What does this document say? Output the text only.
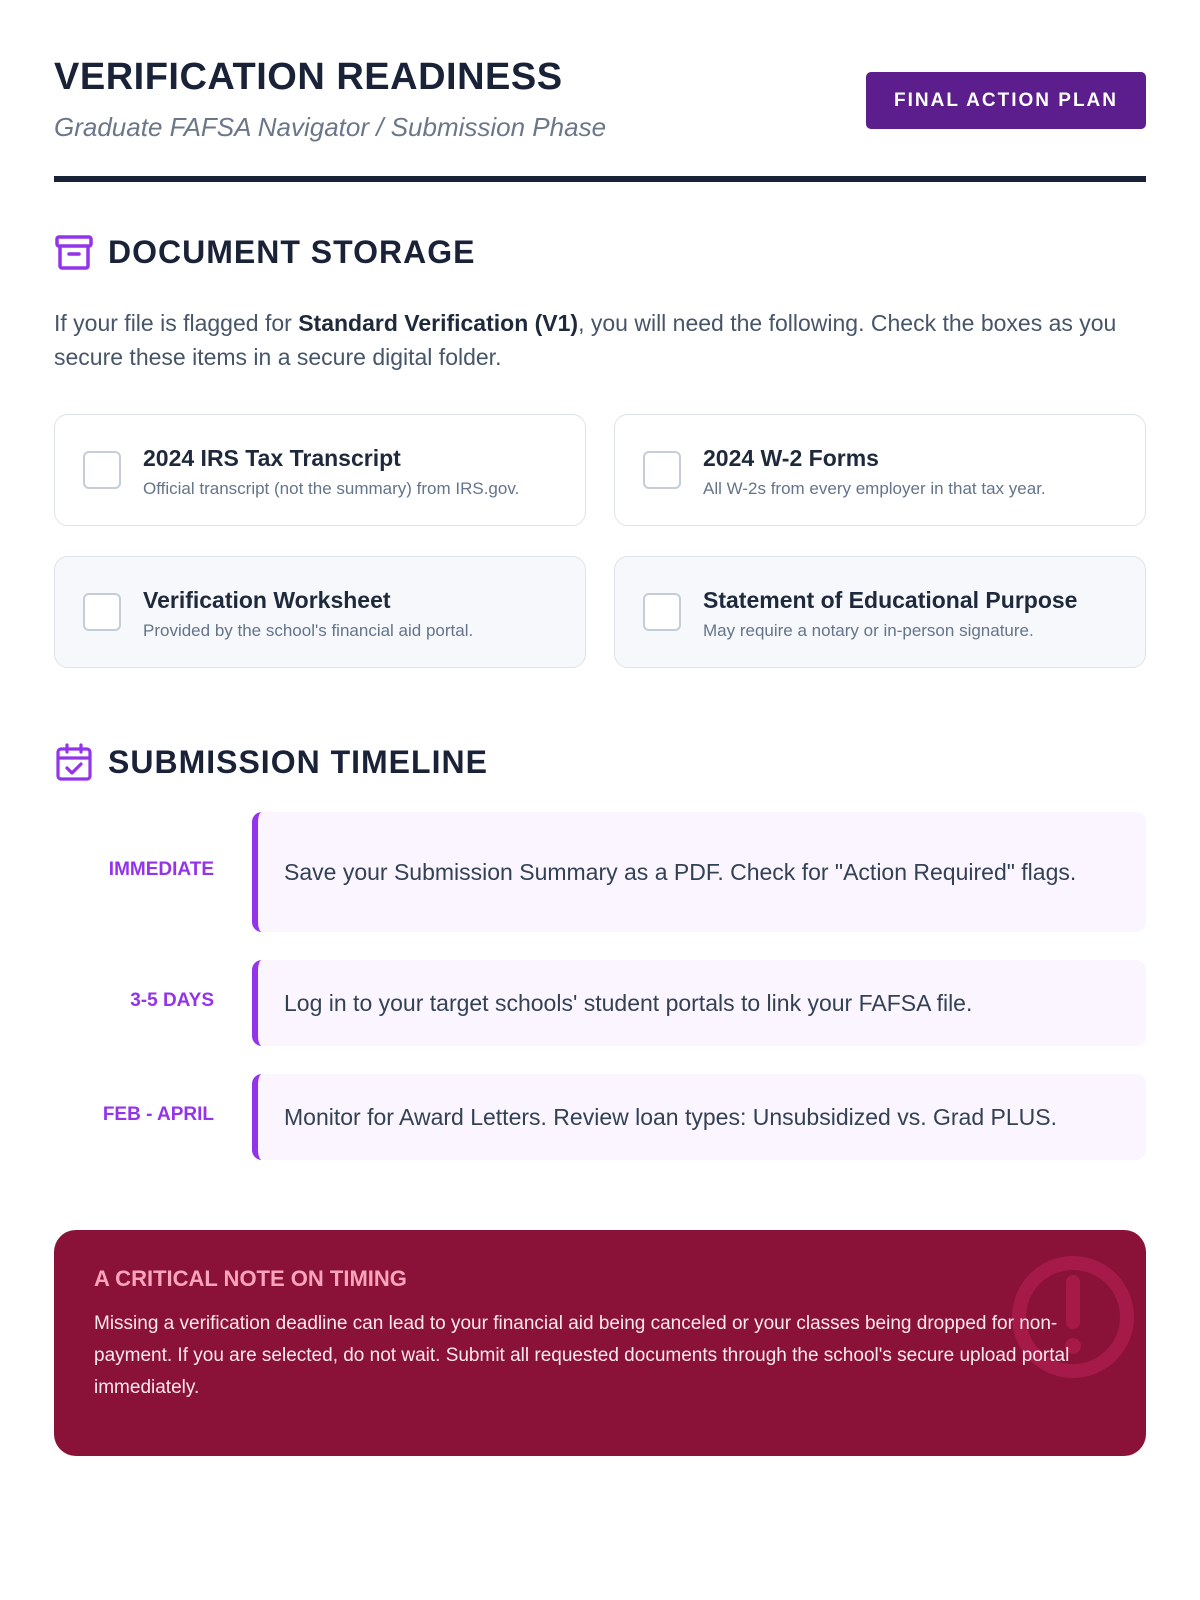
VERIFICATION READINESS
Graduate FAFSA Navigator / Submission Phase
FINAL ACTION PLAN
DOCUMENT STORAGE

If your file is flagged for Standard Verification (V1), you will need the following. Check the boxes as you secure these items in a secure digital folder.

2024 IRS Tax Transcript
Official transcript (not the summary) from IRS.gov.
2024 W-2 Forms
All W-2s from every employer in that tax year.
Verification Worksheet
Provided by the school's financial aid portal.
Statement of Educational Purpose
May require a notary or in-person signature.
SUBMISSION TIMELINE
IMMEDIATE	Save your Submission Summary as a PDF. Check for "Action Required" flags.
3-5 DAYS	Log in to your target schools' student portals to link your FAFSA file.
FEB - APRIL	Monitor for Award Letters. Review loan types: Unsubsidized vs. Grad PLUS.
A CRITICAL NOTE ON TIMING
Missing a verification deadline can lead to your financial aid being canceled or your classes being dropped for non-payment. If you are selected, do not wait. Submit all requested documents through the school's secure upload portal immediately.
